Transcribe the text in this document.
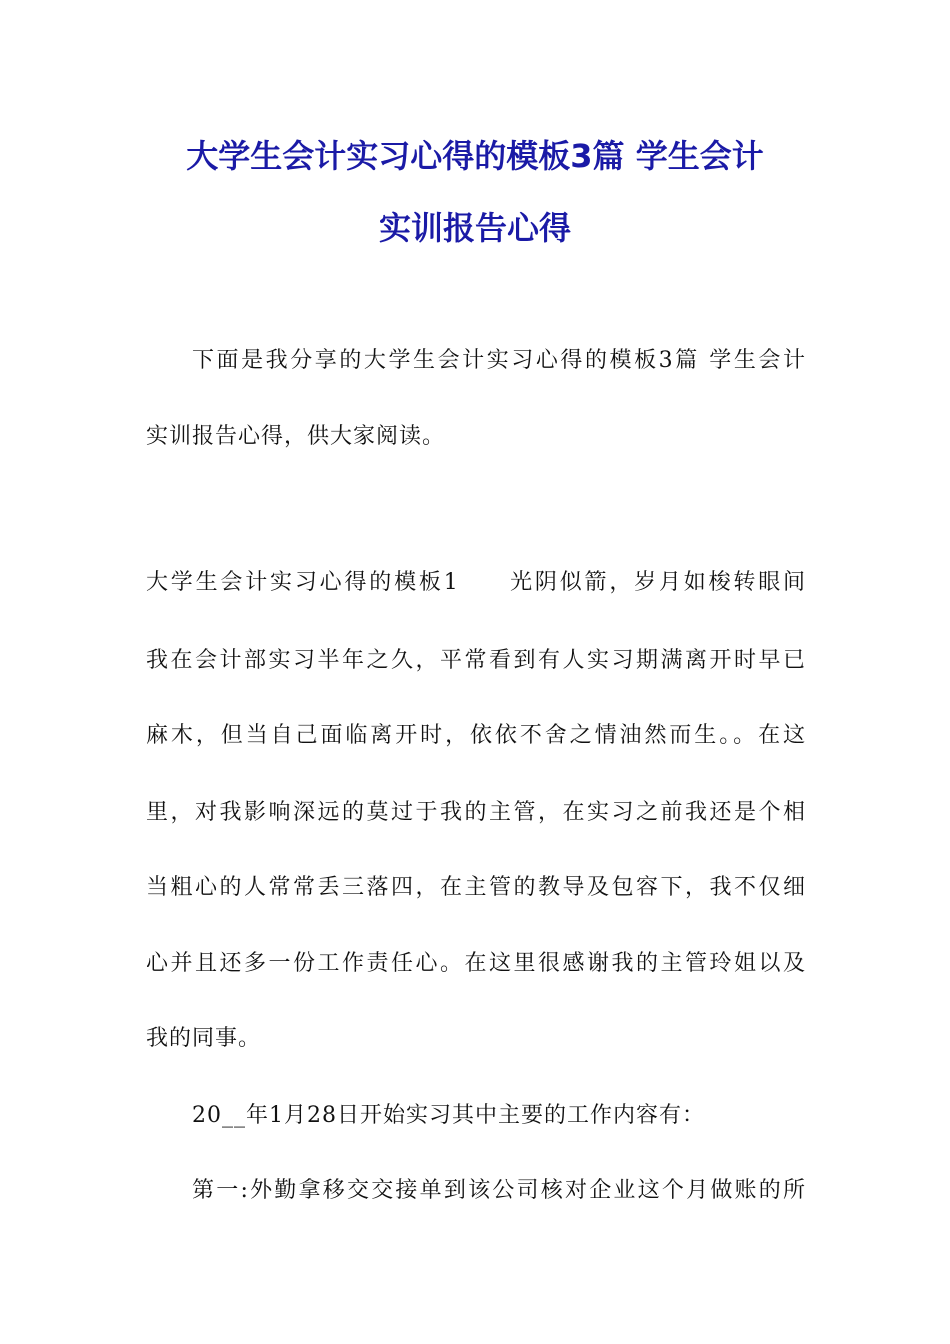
大学生会计实习心得的模板3篇 学生会计
实训报告心得

下面是我分享的大学生会计实习心得的模板3篇 学生会计

实训报告心得，供大家阅读。

大学生会计实习心得的模板1　　光阴似箭，岁月如梭转眼间

我在会计部实习半年之久，平常看到有人实习期满离开时早已

麻木，但当自己面临离开时，依依不舍之情油然而生。。在这

里，对我影响深远的莫过于我的主管，在实习之前我还是个相

当粗心的人常常丢三落四，在主管的教导及包容下，我不仅细

心并且还多一份工作责任心。在这里很感谢我的主管玲姐以及

我的同事。

20__年1月28日开始实习其中主要的工作内容有：

第一:外勤拿移交交接单到该公司核对企业这个月做账的所
